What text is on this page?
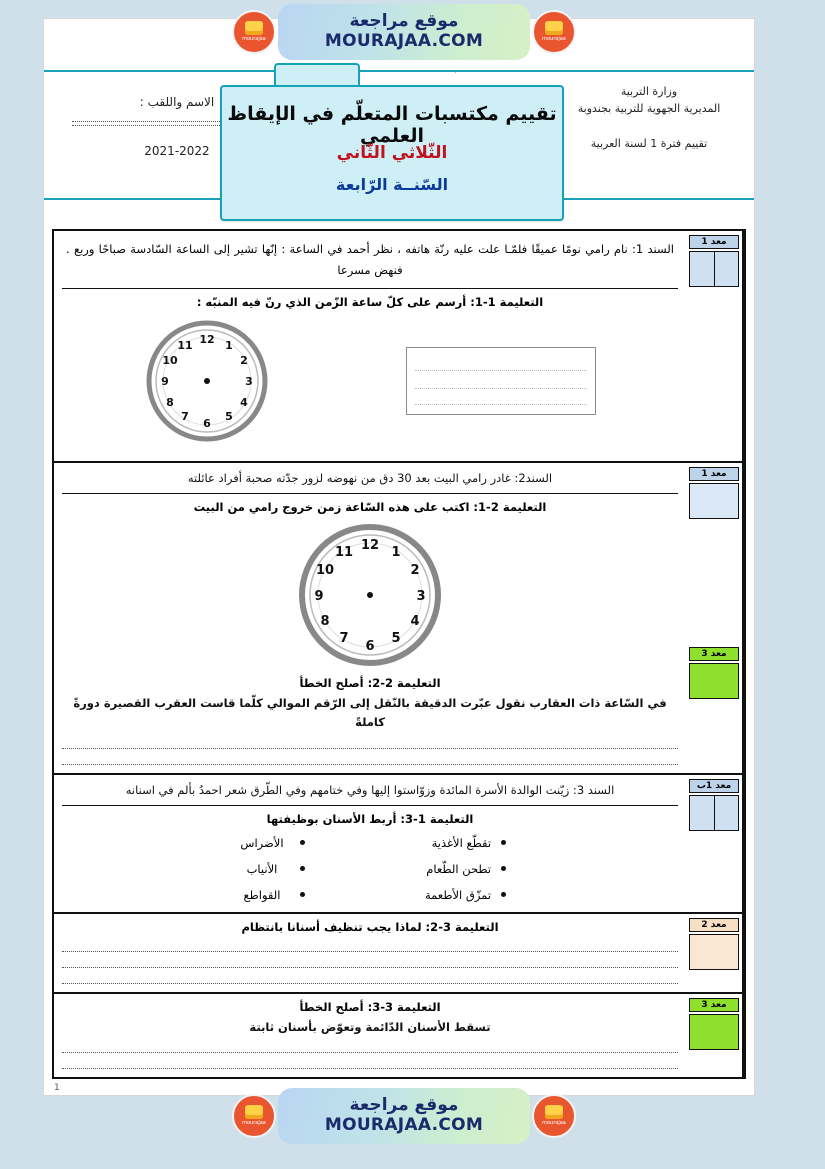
وزارة التربية
المديرية الجهوية للتربية بجندوبة
تقييم فترة 1 لسنة العربية
الاسم واللقب :
2021-2022
تقييم مكتسبات المتعلّم في الإيقاظ العلمي
الثّلاثي الثّاني
السّنــة الرّابعة
معد 1
السند 1: نام رامي نومًا عميقًا فلمّـا علت عليه رنّة هاتفه ، نظر أحمد في الساعة : إنّها تشير إلى الساعة السّادسة صباحًا وربع . فنهض مسرعا
التعليمة 1-1: أرسم على كلّ ساعة الزّمن الذي رنّ فيه المنبّه :
12 1
2
3
4
5
6
7
8
9
10
11
معد 1
معد 3
السند2: غادر رامي البيت بعد 30 دق من نهوضه لزور جدّته صحبة أفراد عائلته
التعليمة 2-1: اكتب على هذه السّاعة زمن خروج رامي من البيت
12 1
2
3
4
5
6
7
8
9
10
11
التعليمة 2-2: أصلح الخطأ
في السّاعة ذات العقارب نقول عبّرت الدقيقة بالنّقل إلى الرّقم الموالي كلّما قاست العقرب القصيرة دورةً كاملةً
معد 1ب
السند 3: زيّنت الوالدة الأسرة المائدة وزوّاستوا إليها وفي ختامهم وفي الطّرق شعر احمدُ بألم في اسنانه
التعليمة 1-3: أربط الأسنان بوظيفتها
تقطّع الأغذية
تطحن الطّعام
تمزّق الأطعمة
الأضراس
الأنياب
القواطع
معد 2
التعليمة 3-2: لماذا يجب تنظيف أسنانا بانتظام
معد 3
التعليمة 3-3: أصلح الخطأ
تسقط الأسنان الدّائمة وتعوّض بأسنان ثابتة
1
mourajaa
موقع مراجعة
MOURAJAA.COM	mourajaa
mourajaa
موقع مراجعة
MOURAJAA.COM	mourajaa
